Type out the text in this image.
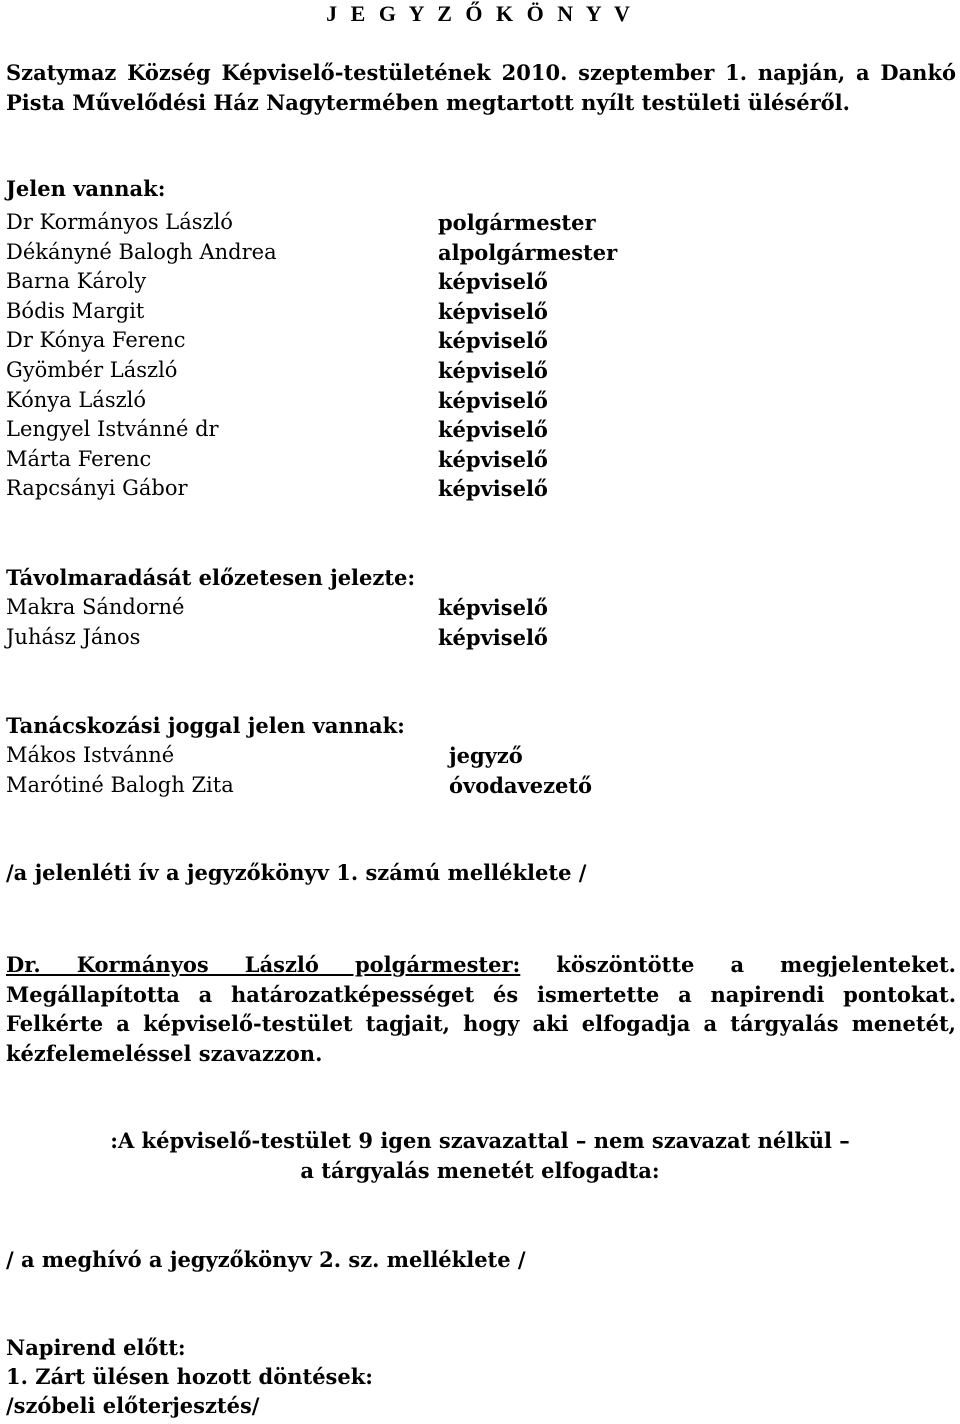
J E G Y Z Ő K Ö N Y V

Szatymaz Község Képviselő-testületének 2010. szeptember 1. napján, a Dankó Pista Művelődési Ház Nagytermében megtartott nyílt testületi üléséről.

Jelen vannak:
Dr Kormányos László	polgármester
Dékányné Balogh Andrea	alpolgármester
Barna Károly	képviselő
Bódis Margit	képviselő
Dr Kónya Ferenc	képviselő
Gyömbér László	képviselő
Kónya László	képviselő
Lengyel Istvánné dr	képviselő
Márta Ferenc	képviselő
Rapcsányi Gábor	képviselő
Távolmaradását előzetesen jelezte:
Makra Sándorné	képviselő
Juhász János	képviselő
Tanácskozási joggal jelen vannak:
Mákos Istvánné	jegyző
Marótiné Balogh Zita	óvodavezető
/a jelenléti ív a jegyzőkönyv 1. számú melléklete /

Dr. Kormányos László polgármester: köszöntötte a megjelenteket. Megállapította a határozatképességet és ismertette a napirendi pontokat. Felkérte a képviselő-testület tagjait, hogy aki elfogadja a tárgyalás menetét, kézfelemeléssel szavazzon.

:A képviselő-testület 9 igen szavazattal – nem szavazat nélkül –
a tárgyalás menetét elfogadta:
/ a meghívó a jegyzőkönyv 2. sz. melléklete /
Napirend előtt:
1. Zárt ülésen hozott döntések:
/szóbeli előterjesztés/
